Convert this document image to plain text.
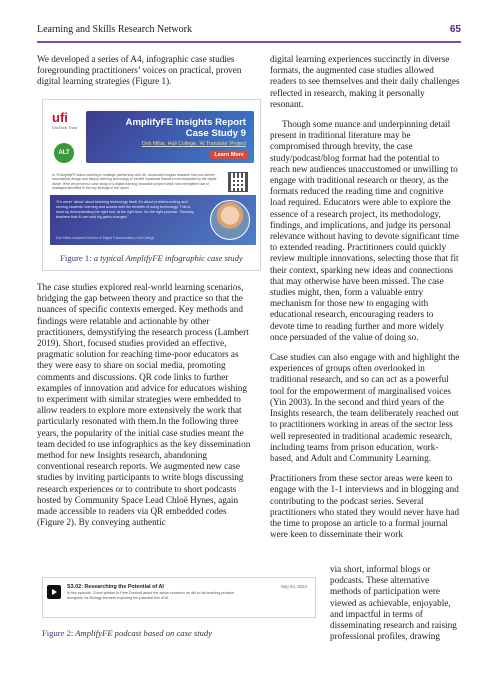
Learning and Skills Research Network	65

We developed a series of A4, infographic case studies foregrounding practitioners’ voices on practical, proven digital learning strategies (Figure 1).

ufi
VocTech Trust
ALT
AmplifyFE Insights Report
Case Study 9
Dob Millar, Hull College, ‘AI Translate’ Project
Learn More
In 75 AmplifyFE teams working in strategic partnership with Ufi, conducted Insights research into how eleven successfully design and deploy learning technology to benefit vocational learners most impacted by the digital divide. Here we present a case study of a digital learning innovation project which has exemplified use of strategies identified in the key findings of the report.
“It’s never ‘about’ about teaching technology itself; it’s about problem-solving and serving students’ learning and access with the benefits of using technology. This is done by demonstrating the right tool, at the right time, for the right purpose. Showing teachers that AI can add big gains changes.”
Dob Millar, Assistant Director of Digital Transformation, Hull College
Figure 1: a typical AmplifyFE infographic case study

The case studies explored real-world learning scenarios, bridging the gap between theory and practice so that the nuances of specific contexts emerged. Key methods and findings were relatable and actionable by other practitioners, demystifying the research process (Lambert 2019). Short, focused studies provided an effective, pragmatic solution for reaching time-poor educators as they were easy to share on social media, promoting comments and discussions. QR code links to further examples of innovation and advice for educators wishing to experiment with similar strategies were embedded to allow readers to explore more extensively the work that particularly resonated with them.In the following three years, the popularity of the initial case studies meant the team decided to use infographics as the key dissemination method for new Insights research, abandoning conventional research reports. We augmented new case studies by inviting participants to write blogs discussing research experiences or to contribute to short podcasts hosted by Community Space Lead Chloë Hynes, again made accessible to readers via QR embedded codes (Figure 2). By conveying authentic

S3.02: Researching the Potential of AI	Sep 04, 2024
In this episode, Chloë speaks to Pete Dunford about the action research he did in his teaching practice alongside his Biology learners exploring the potential ties of AI.
Figure 2: AmplifyFE podcast based on case study

digital learning experiences succinctly in diverse formats, the augmented case studies allowed readers to see themselves and their daily challenges reflected in research, making it personally resonant.

Though some nuance and underpinning detail present in traditional literature may be compromised through brevity, the case study/podcast/blog format had the potential to reach new audiences unaccustomed or unwilling to engage with traditional research or theory, as the formats reduced the reading time and cognitive load required. Educators were able to explore the essence of a research project, its methodology, findings, and implications, and judge its personal relevance without having to devote significant time to extended reading. Practitioners could quickly review multiple innovations, selecting those that fit their context, sparking new ideas and connections that may otherwise have been missed. The case studies might, then, form a valuable entry mechanism for those new to engaging with educational research, encouraging readers to devote time to reading further and more widely once persuaded of the value of doing so.

Case studies can also engage with and highlight the experiences of groups often overlooked in traditional research, and so can act as a powerful tool for the empowerment of marginalised voices (Yin 2003). In the second and third years of the Insights research, the team deliberately reached out to practitioners working in areas of the sector less well represented in traditional academic research, including teams from prison education, work-based, and Adult and Community Learning.

Practitioners from these sector areas were keen to engage with the 1-1 interviews and in blogging and contributing to the podcast series. Several practitioners who stated they would never have had the time to propose an article to a formal journal were keen to disseminate their work

via short, informal blogs or podcasts. These alternative methods of participation were viewed as achievable, enjoyable, and impactful in terms of disseminating research and raising professional profiles, drawing
